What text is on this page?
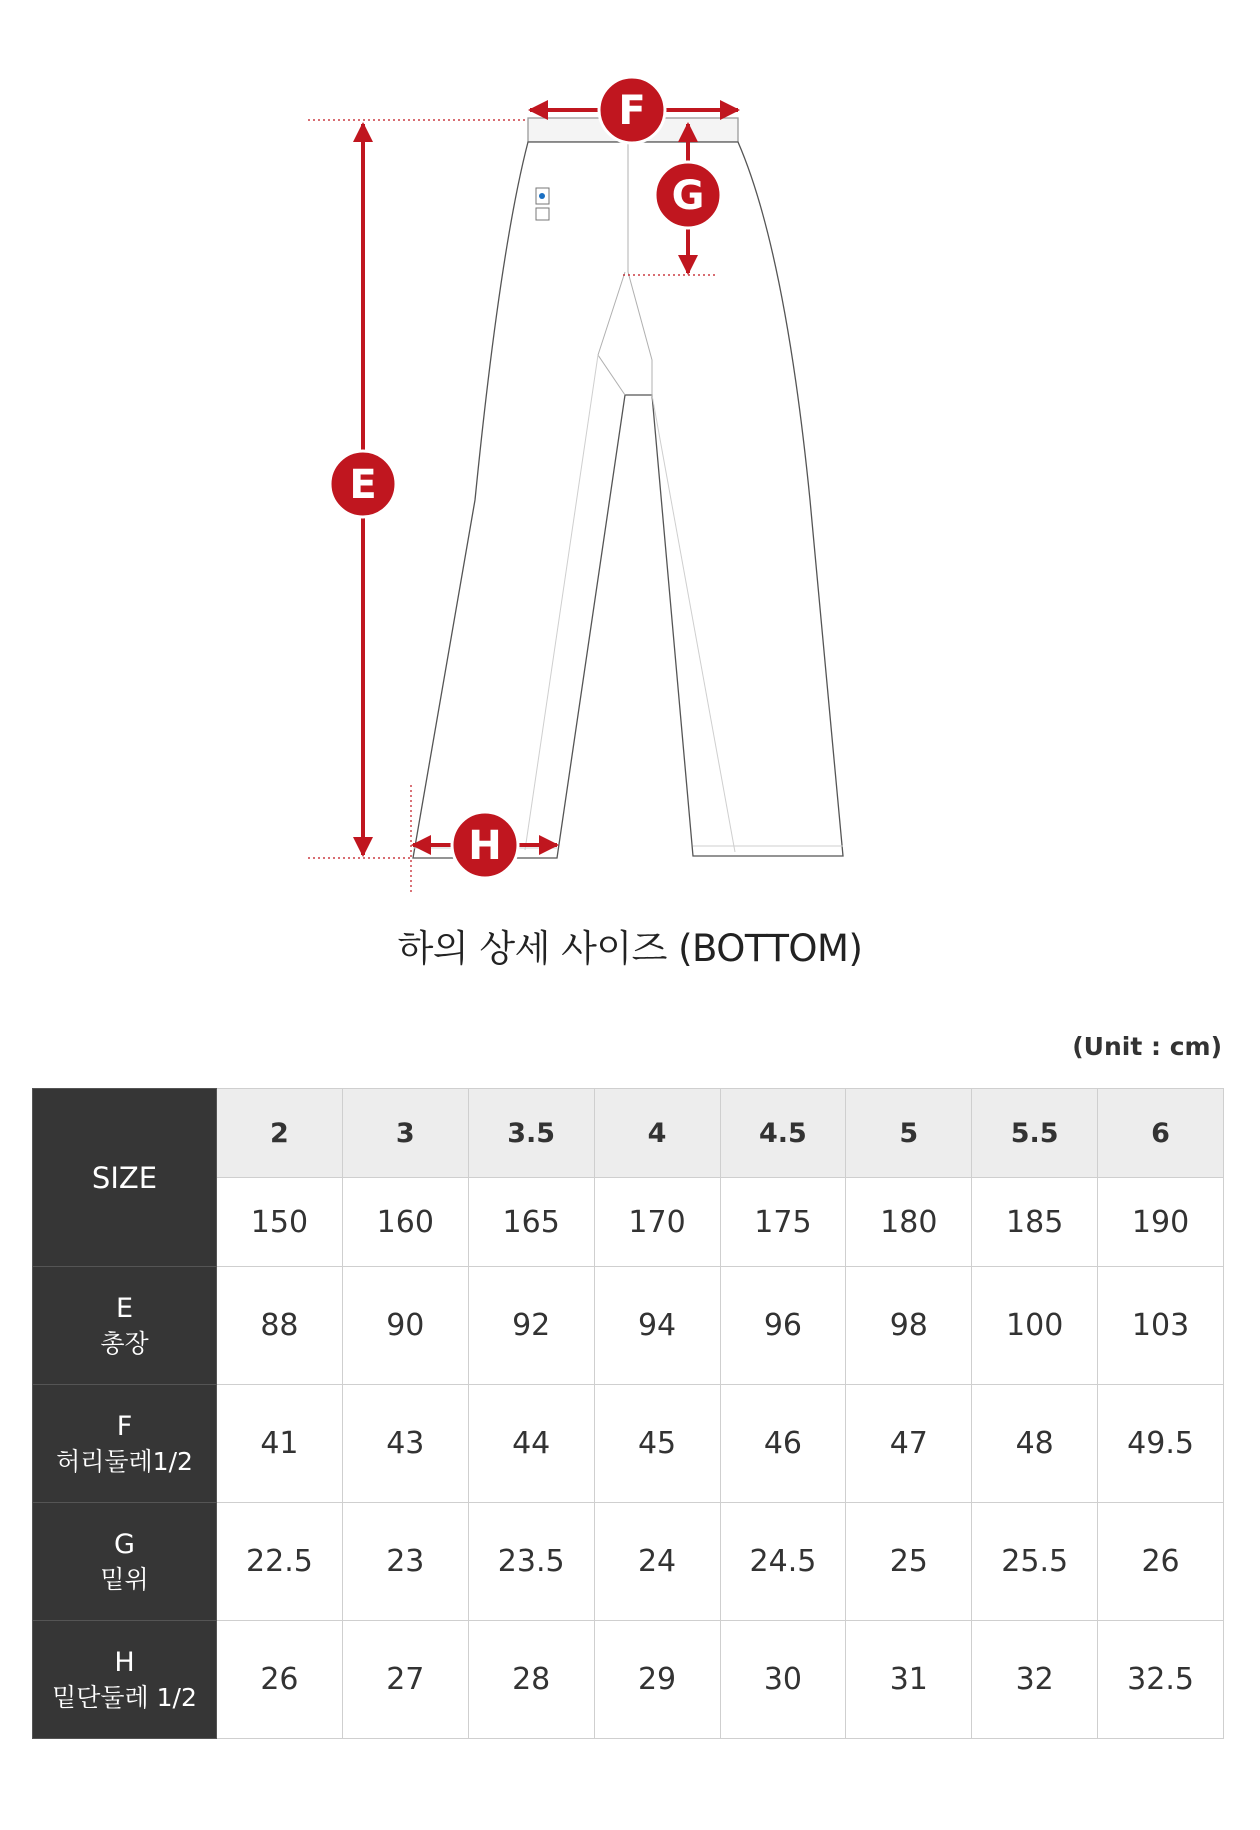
F
G
E
H
하의 상세 사이즈 (BOTTOM)
(Unit : cm)
SIZE	2	3	3.5	4	4.5	5	5.5	6
	150	160	165	170	175	180	185	190

E
총장	88	90	92	94	96	98	100	103

F
허리둘레1/2	41	43	44	45	46	47	48	49.5

G
밑위	22.5	23	23.5	24	24.5	25	25.5	26

H
밑단둘레 1/2	26	27	28	29	30	31	32	32.5
